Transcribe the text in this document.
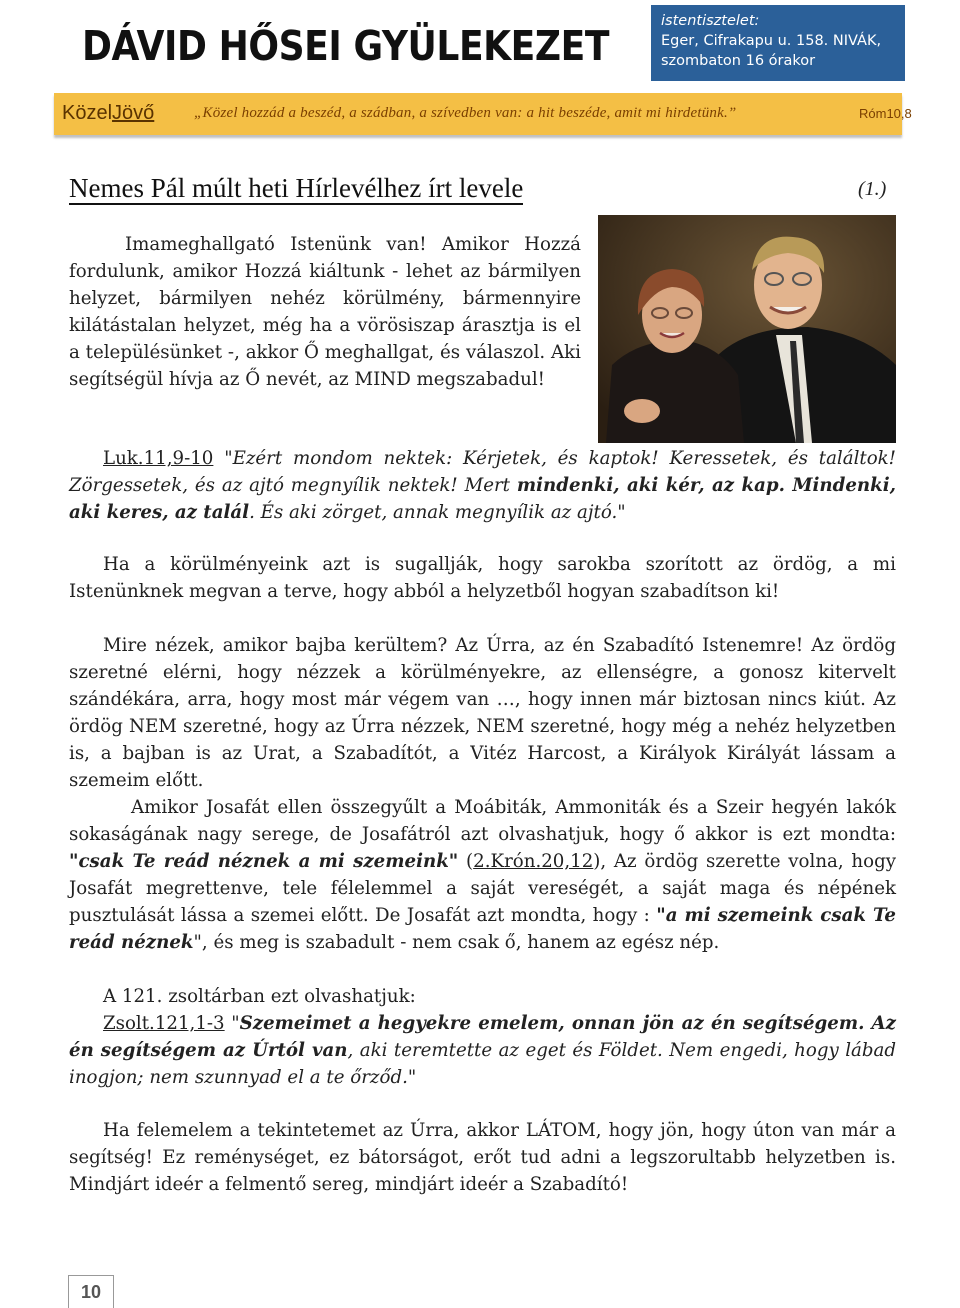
DÁVID HŐSEI GYÜLEKEZET
istentisztelet:
Eger, Cifrakapu u. 158. NIVÁK,
szombaton 16 órakor
KözelJövő	„Közel hozzád a beszéd, a szádban, a szívedben van: a hit beszéde, amit mi hirdetünk.”	Róm10,8
Nemes Pál múlt heti Hírlevélhez írt levele	(1.)
Imameghallgató Istenünk van! Amikor Hozzá fordulunk, amikor Hozzá kiáltunk - lehet az bármilyen helyzet, bármilyen nehéz körülmény, bármennyire kilátástalan helyzet, még ha a vörösiszap árasztja is el a településünket -, akkor Ő meghallgat, és válaszol. Aki segítségül hívja az Ő nevét, az MIND megszabadul!
Luk.11,9-10 "Ezért mondom nektek: Kérjetek, és kaptok! Keressetek, és találtok! Zörgessetek, és az ajtó megnyílik nektek! Mert mindenki, aki kér, az kap. Mindenki, aki keres, az talál. És aki zörget, annak megnyílik az ajtó."
Ha a körülményeink azt is sugallják, hogy sarokba szorított az ördög, a mi Istenünknek megvan a terve, hogy abból a helyzetből hogyan szabadítson ki!
Mire nézek, amikor bajba kerültem? Az Úrra, az én Szabadító Istenemre! Az ördög szeretné elérni, hogy nézzek a körülményekre, az ellenségre, a gonosz kitervelt szándékára, arra, hogy most már végem van …, hogy innen már biztosan nincs kiút. Az ördög NEM szeretné, hogy az Úrra nézzek, NEM szeretné, hogy még a nehéz helyzetben is, a bajban is az Urat, a Szabadítót, a Vitéz Harcost, a Királyok Királyát lássam a szemeim előtt.
Amikor Josafát ellen összegyűlt a Moábiták, Ammoniták és a Szeir hegyén lakók sokaságának nagy serege, de Josafátról azt olvashatjuk, hogy ő akkor is ezt mondta: "csak Te reád néznek a mi szemeink" (2.Krón.20,12), Az ördög szerette volna, hogy Josafát megrettenve, tele félelemmel a saját vereségét, a saját maga és népének pusztulását lássa a szemei előtt. De Josafát azt mondta, hogy : "a mi szemeink csak Te reád néznek", és meg is szabadult - nem csak ő, hanem az egész nép.
A 121. zsoltárban ezt olvashatjuk:
Zsolt.121,1-3 "Szemeimet a hegyekre emelem, onnan jön az én segítségem. Az én segítségem az Úrtól van, aki teremtette az eget és Földet. Nem engedi, hogy lábad inogjon; nem szunnyad el a te őrződ."
Ha felemelem a tekintetemet az Úrra, akkor LÁTOM, hogy jön, hogy úton van már a segítség! Ez reménységet, ez bátorságot, erőt tud adni a legszorultabb helyzetben is. Mindjárt ideér a felmentő sereg, mindjárt ideér a Szabadító!
10
